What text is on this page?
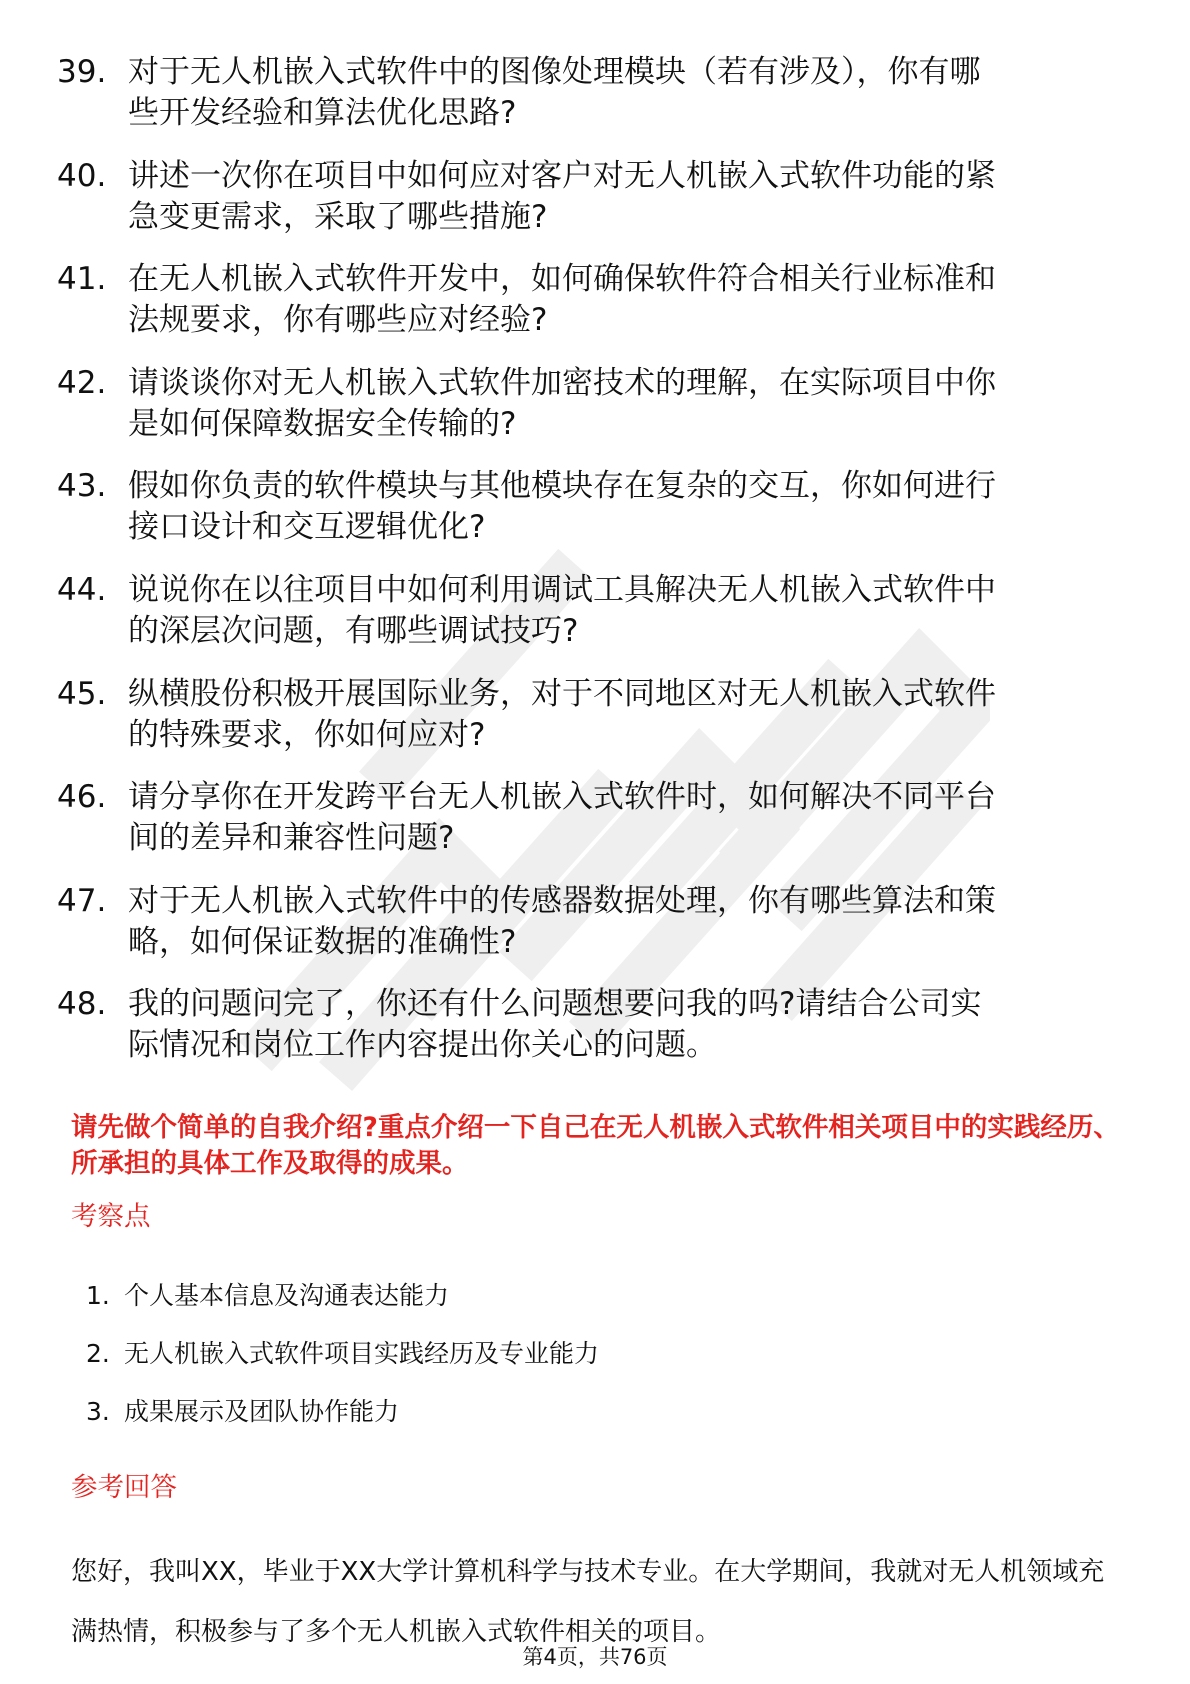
39. 对于无人机嵌入式软件中的图像处理模块（若有涉及），你有哪
些开发经验和算法优化思路?
40. 讲述一次你在项目中如何应对客户对无人机嵌入式软件功能的紧
急变更需求，采取了哪些措施?
41. 在无人机嵌入式软件开发中，如何确保软件符合相关行业标准和
法规要求，你有哪些应对经验?
42. 请谈谈你对无人机嵌入式软件加密技术的理解，在实际项目中你
是如何保障数据安全传输的?
43. 假如你负责的软件模块与其他模块存在复杂的交互，你如何进行
接口设计和交互逻辑优化?
44. 说说你在以往项目中如何利用调试工具解决无人机嵌入式软件中
的深层次问题，有哪些调试技巧?
45. 纵横股份积极开展国际业务，对于不同地区对无人机嵌入式软件
的特殊要求，你如何应对?
46. 请分享你在开发跨平台无人机嵌入式软件时，如何解决不同平台
间的差异和兼容性问题?
47. 对于无人机嵌入式软件中的传感器数据处理，你有哪些算法和策
略，如何保证数据的准确性?
48. 我的问题问完了，你还有什么问题想要问我的吗?请结合公司实
际情况和岗位工作内容提出你关心的问题。

请先做个简单的自我介绍?重点介绍一下自己在无人机嵌入式软件相关项目中的实践经历、所承担的具体工作及取得的成果。

考察点
1. 个人基本信息及沟通表达能力
2. 无人机嵌入式软件项目实践经历及专业能力
3. 成果展示及团队协作能力
参考回答

您好，我叫XX，毕业于XX大学计算机科学与技术专业。在大学期间，我就对无人机领域充满热情，积极参与了多个无人机嵌入式软件相关的项目。

第4页，共76页
